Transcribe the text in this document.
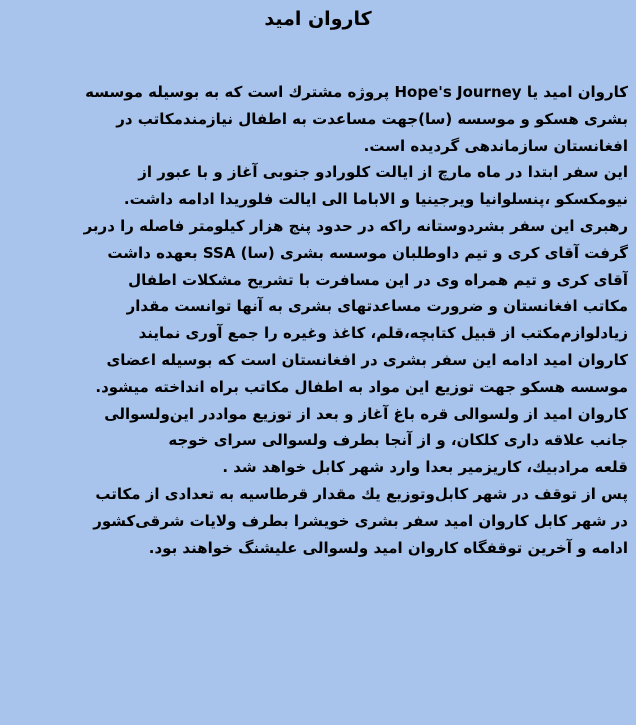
کاروان امید
کاروان امید یا Hope's Journey پروژه مشترك است که به بوسیله موسسه
بشری هسکو و موسسه (سا)جهت مساعدت به اطفال نیازمندمکاتب در
افغانستان سازماندهی گردیده است.
این سفر ابتدا در ماه مارچ از ایالت کلورادو جنوبی آغاز و با عبور از
نیومکسکو ،پنسلوانیا ویرجینیا و الاباما الی ایالت فلوریدا ادامه داشت.
رهبری این سفر بشردوستانه راکه در حدود پنج هزار کیلومتر فاصله را دربر
گرفت آقای کری و تیم داوطلبان موسسه بشری (سا) SSA بعهده داشت
آقای کری و تیم همراه وی در این مسافرت با تشریح مشکلات اطفال
مکاتب افغانستان و ضرورت مساعدتهای بشری به آنها توانست مقدار
زیادلوازم‌مکتب از قبیل کتابچه،قلم، کاغذ وغیره را جمع آوری نمایند
کاروان امید ادامه این سفر بشری در افغانستان است که بوسیله اعضای
موسسه هسکو جهت توزیع این مواد به اطفال مکاتب براه انداخته میشود.
کاروان امید از ولسوالی قره باغ آغاز و بعد از توزیع مواددر این‌ولسوالی
جانب علاقه داری کلکان، و از آنجا بطرف ولسوالی سرای خوجه
قلعه مرادبیك، کاریزمیر بعدا وارد شهر کابل خواهد شد .
پس از توقف در شهر کابل‌وتوزیع یك مقدار قرطاسیه به تعدادی از مکاتب
در شهر کابل کاروان امید سفر بشری خویشرا بطرف ولایات شرقی‌کشور
ادامه و آخرین توقفگاه کاروان امید ولسوالی علیشنگ خواهند بود.
